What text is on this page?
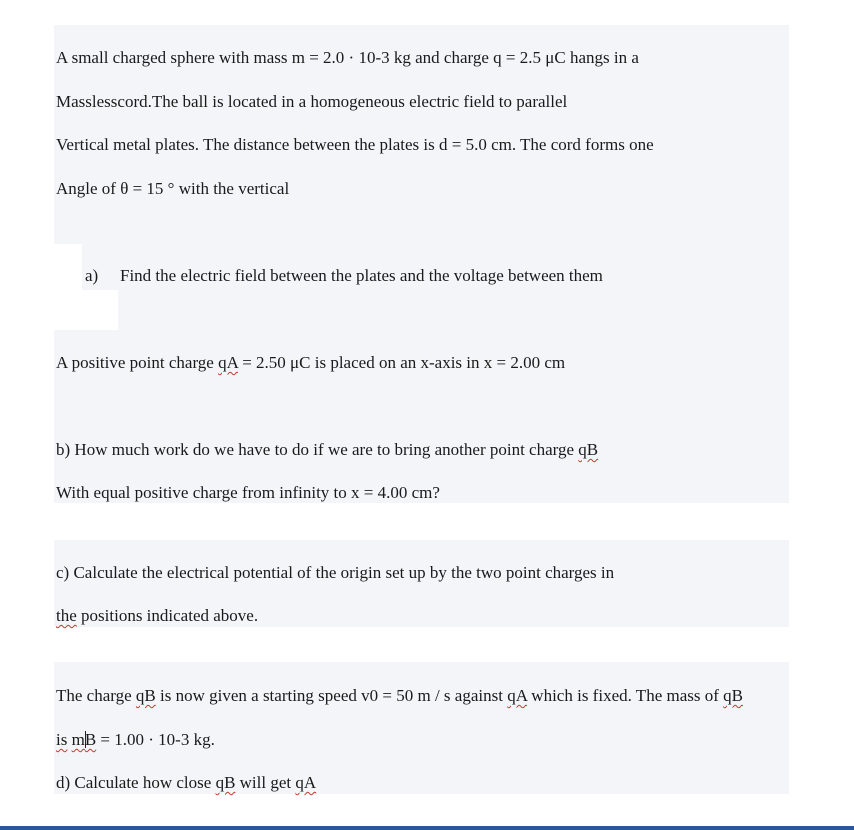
A small charged sphere with mass m = 2.0 · 10-3 kg and charge q = 2.5 μC hangs in a
Masslesscord.The ball is located in a homogeneous electric field to parallel
Vertical metal plates. The distance between the plates is d = 5.0 cm. The cord forms one
Angle of θ = 15 ° with the vertical
a) Find the electric field between the plates and the voltage between them
A positive point charge qA = 2.50 μC is placed on an x-axis in x = 2.00 cm
b) How much work do we have to do if we are to bring another point charge qB
With equal positive charge from infinity to x = 4.00 cm?
c) Calculate the electrical potential of the origin set up by the two point charges in
the positions indicated above.
The charge qB is now given a starting speed v0 = 50 m / s against qA which is fixed. The mass of qB
is mB = 1.00 · 10-3 kg.
d) Calculate how close qB will get qA
